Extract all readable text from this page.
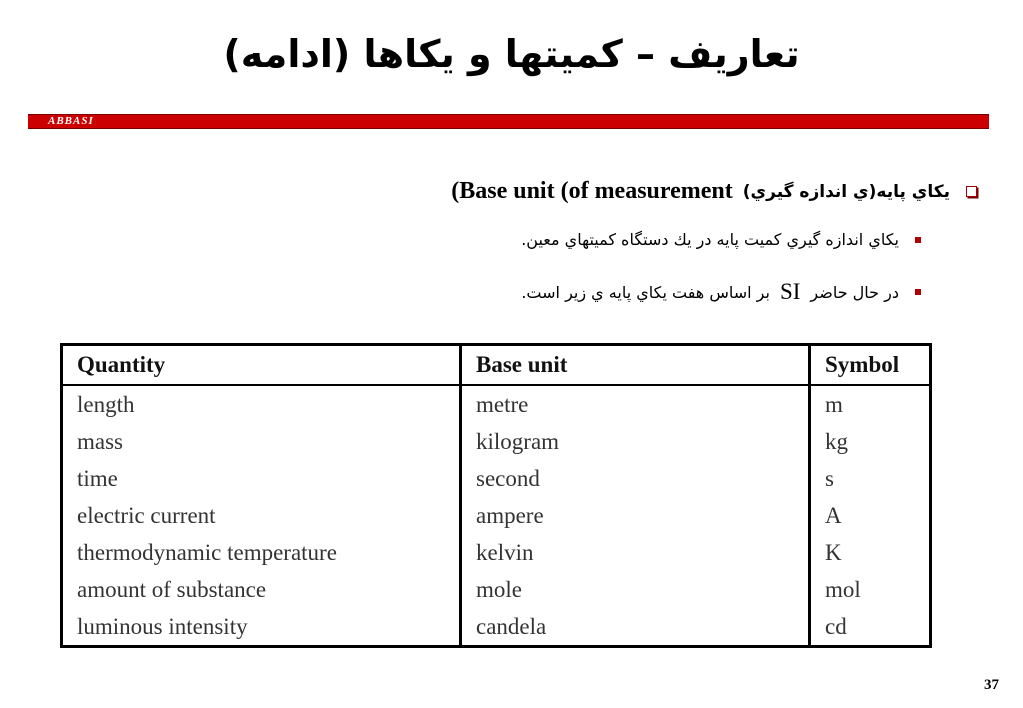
تعاریف – کمیتها و یکاها (ادامه)
ABBASI
يكاي پايه(ي اندازه گيري)
(Base unit (of measurement
يكاي اندازه گيري كميت پايه در يك دستگاه كميتهاي معين.
در حال حاضر
SI
بر اساس هفت يكاي پايه ي زير است.
Quantity	Base unit	Symbol
length	metre	m
mass	kilogram	kg
time	second	s
electric current	ampere	A
thermodynamic temperature	kelvin	K
amount of substance	mole	mol
luminous intensity	candela	cd
37
